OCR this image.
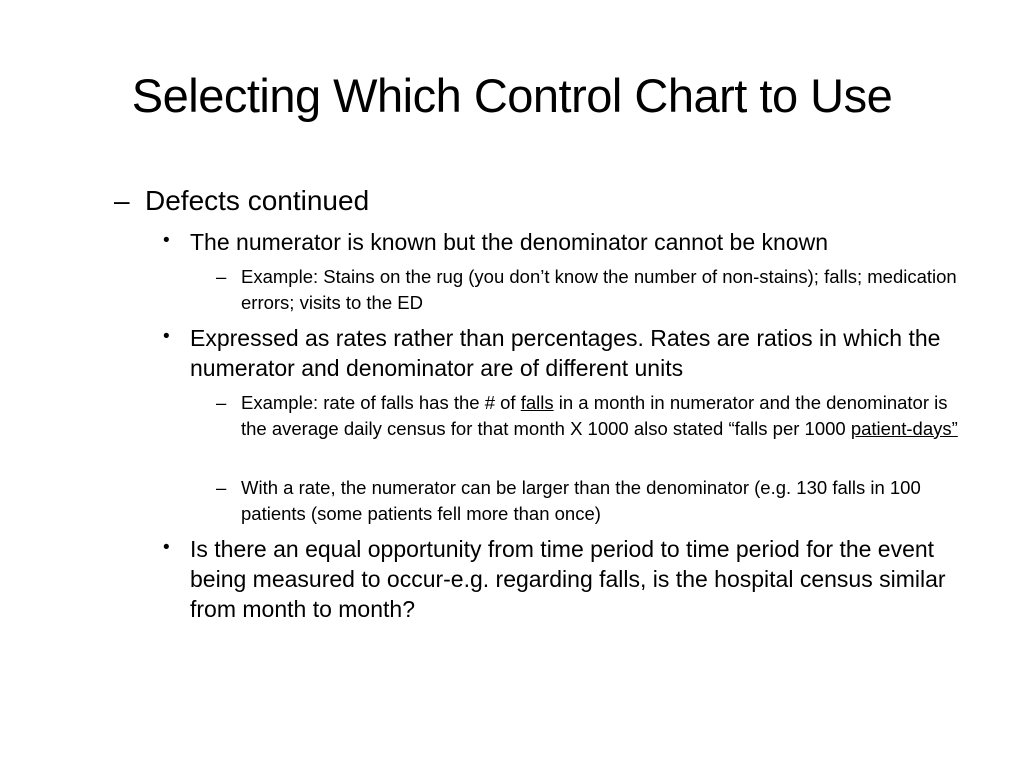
Selecting Which Control Chart to Use
– Defects continued
• The numerator is known but the denominator cannot be known
– Example: Stains on the rug (you don’t know the number of non-stains); falls; medication errors; visits to the ED
• Expressed as rates rather than percentages. Rates are ratios in which the numerator and denominator are of different units
– Example: rate of falls has the # of falls in a month in numerator and the denominator is the average daily census for that month X 1000 also stated “falls per 1000 patient-days”
– With a rate, the numerator can be larger than the denominator (e.g. 130 falls in 100 patients (some patients fell more than once)
• Is there an equal opportunity from time period to time period for the event being measured to occur-e.g. regarding falls, is the hospital census similar from month to month?
